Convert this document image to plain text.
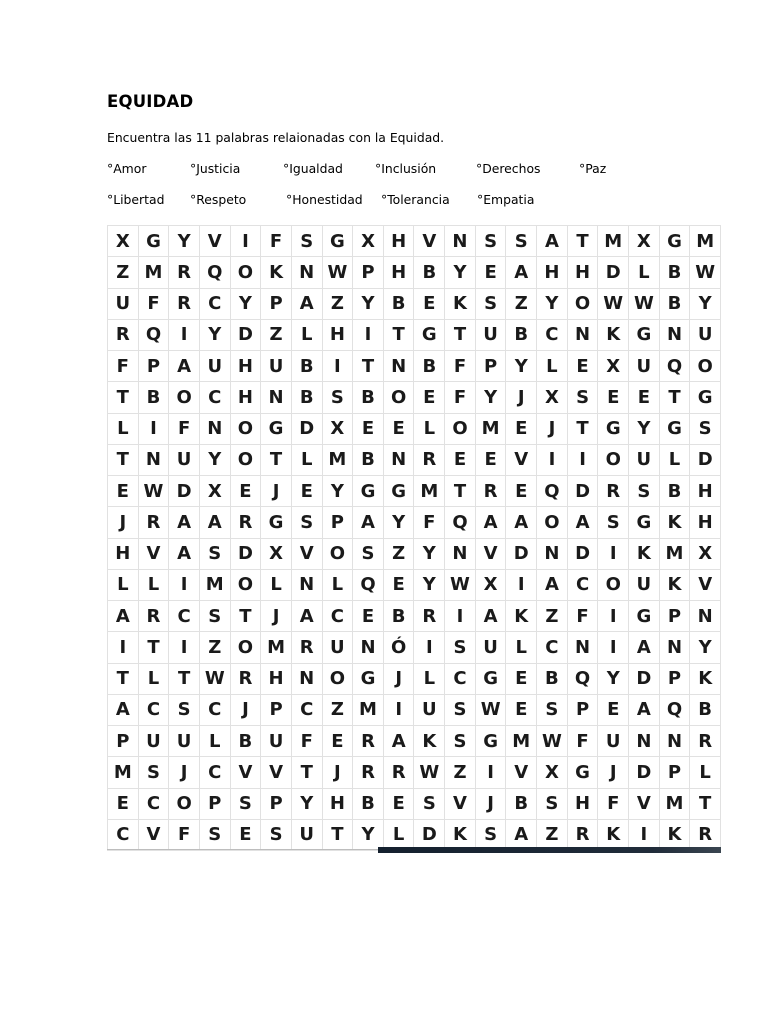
EQUIDAD
Encuentra las 11 palabras relaionadas con la Equidad.
°Amor	°Justicia	°Igualdad	°Inclusión	°Derechos	°Paz
°Libertad °Respeto	°Honestidad °Tolerancia °Empatia
X G Y V	I	F	S G X H V N S S A T M X G M
Z M R Q O K N W P H B Y E A H H D L	B W
U F R C Y P A Z Y B E K S Z Y O W W B Y
R Q	I	Y D Z	L H	I	T G T U B C N K G N U
F P A U H U B	I	T N B F P Y	L	E X U Q O
T B O C H N B S B O E	F Y	J	X S	E	E	T G
L	I	F N O G D X E	E	L O M E	J	T G Y G S
T N U Y O T	L M B N R E	E V	I	I	O U L D
E W D X E	J	E Y G G M T R E Q D R S B H
J	R A A R G S P A Y F Q A A O A S G K H
H V A S D X V O S Z Y N V D N D	I	K M X
L	L	I	M O L N L Q E Y W X	I	A C O U K V
A R C S	T	J	A C E B R	I	A K Z F	I	G P N
I	T	I	Z O M R U N Ó	I	S U L	C N	I	A N Y
T	L	T W R H N O G	J	L	C G E B Q Y D P K
A C S C	J	P C Z M	I	U S W E	S P E A Q B
P U U L	B U F	E R A K S G M W F U N N R
M S	J	C V V T	J	R R W Z	I	V X G	J	D P	L
E C O P S P Y H B E	S V	J	B S H F V M T
C V F	S	E	S U T Y	L D K S A Z R K	I	K R
